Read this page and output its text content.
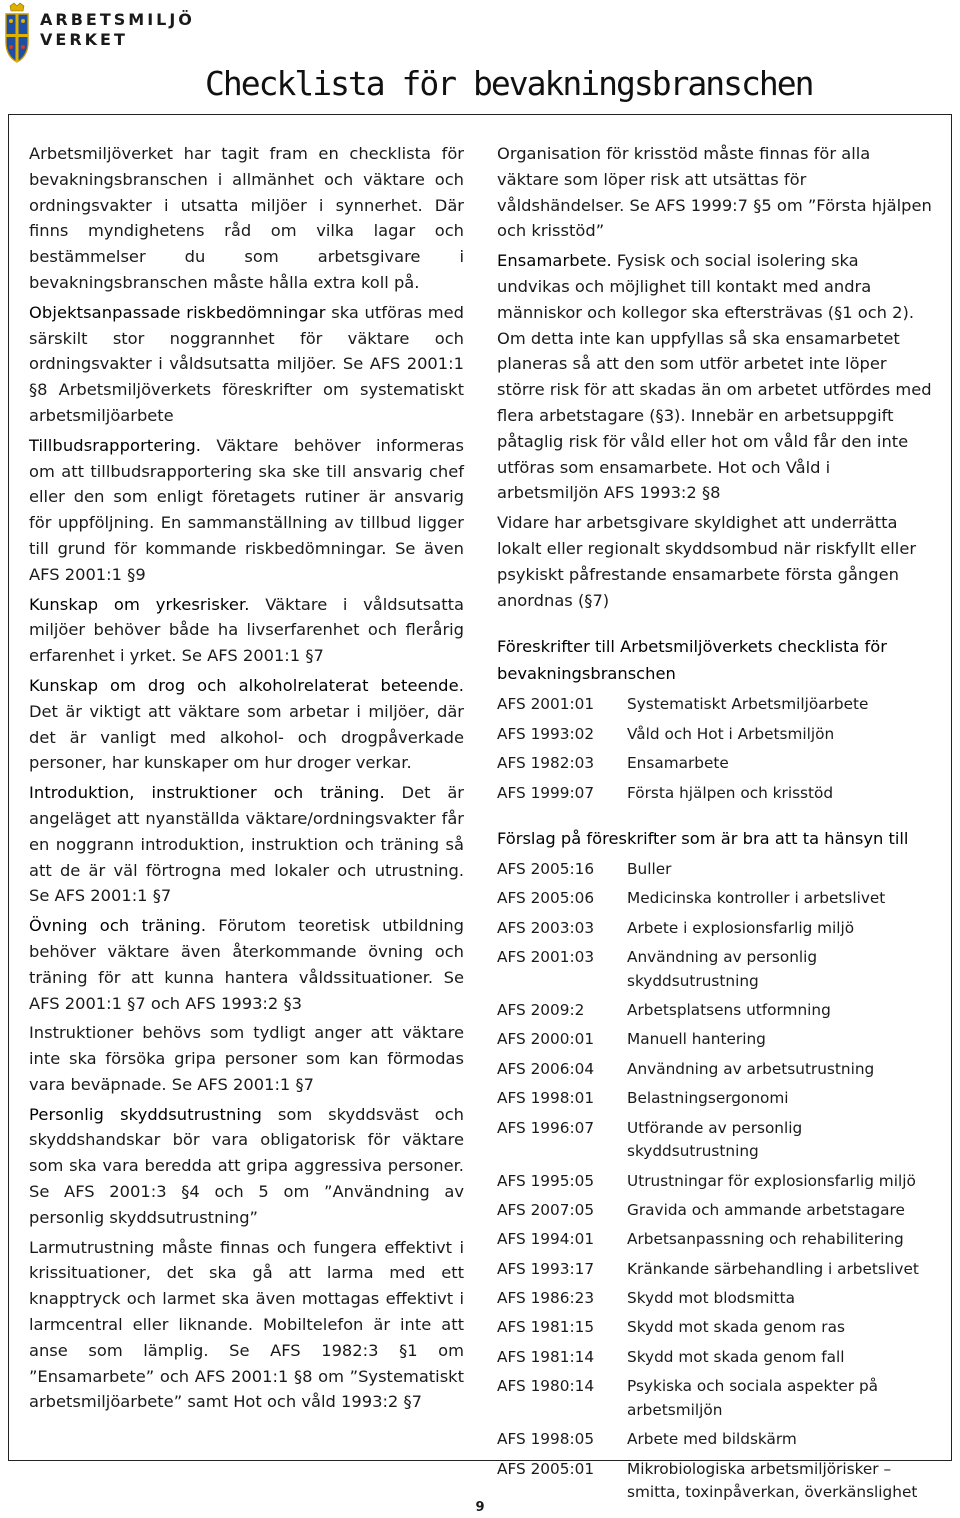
ARBETSMILJÖ
VERKET
Checklista för bevakningsbranschen

Arbetsmiljöverket har tagit fram en checklista för bevakningsbranschen i allmänhet och väktare och ordningsvakter i utsatta miljöer i synnerhet. Där finns myndighetens råd om vilka lagar och bestämmelser du som arbetsgivare i bevakningsbranschen måste hålla extra koll på.

Objektsanpassade riskbedömningar ska utföras med särskilt stor noggrannhet för väktare och ordningsvakter i våldsutsatta miljöer. Se AFS 2001:1 §8 Arbetsmiljöverkets föreskrifter om systematiskt arbetsmiljöarbete

Tillbudsrapportering. Väktare behöver informeras om att tillbudsrapportering ska ske till ansvarig chef eller den som enligt företagets rutiner är ansvarig för uppföljning. En sammanställning av tillbud ligger till grund för kommande riskbedömningar. Se även AFS 2001:1 §9

Kunskap om yrkesrisker. Väktare i våldsutsatta miljöer behöver både ha livserfarenhet och flerårig erfarenhet i yrket. Se AFS 2001:1 §7

Kunskap om drog och alkoholrelaterat beteende. Det är viktigt att väktare som arbetar i miljöer, där det är vanligt med alkohol- och drogpåverkade personer, har kunskaper om hur droger verkar.

Introduktion, instruktioner och träning. Det är angeläget att nyanställda väktare/ordningsvakter får en noggrann introduktion, instruktion och träning så att de är väl förtrogna med lokaler och utrustning. Se AFS 2001:1 §7

Övning och träning. Förutom teoretisk utbildning behöver väktare även återkommande övning och träning för att kunna hantera våldssituationer. Se AFS 2001:1 §7 och AFS 1993:2 §3

Instruktioner behövs som tydligt anger att väktare inte ska försöka gripa personer som kan förmodas vara beväpnade. Se AFS 2001:1 §7

Personlig skyddsutrustning som skyddsväst och skyddshandskar bör vara obligatorisk för väktare som ska vara beredda att gripa aggressiva personer. Se AFS 2001:3 §4 och 5 om ”Användning av personlig skyddsutrustning”

Larmutrustning måste finnas och fungera effektivt i krissituationer, det ska gå att larma med ett knapptryck och larmet ska även mottagas effektivt i larmcentral eller liknande. Mobiltelefon är inte att anse som lämplig. Se AFS 1982:3 §1 om ”Ensamarbete” och AFS 2001:1 §8 om ”Systematiskt arbetsmiljöarbete” samt Hot och våld 1993:2 §7

Organisation för krisstöd måste finnas för alla väktare som löper risk att utsättas för våldshändelser. Se AFS 1999:7 §5 om ”Första hjälpen och krisstöd”

Ensamarbete. Fysisk och social isolering ska undvikas och möjlighet till kontakt med andra människor och kollegor ska eftersträvas (§1 och 2). Om detta inte kan uppfyllas så ska ensamarbetet planeras så att den som utför arbetet inte löper större risk för att skadas än om arbetet utfördes med flera arbetstagare (§3). Innebär en arbetsuppgift påtaglig risk för våld eller hot om våld får den inte utföras som ensamarbete. Hot och Våld i arbetsmiljön AFS 1993:2 §8

Vidare har arbetsgivare skyldighet att underrätta lokalt eller regionalt skyddsombud när riskfyllt eller psykiskt påfrestande ensamarbete första gången anordnas (§7)

Föreskrifter till Arbetsmiljöverkets checklista för bevakningsbranschen
AFS 2001:01	Systematiskt Arbetsmiljöarbete
AFS 1993:02	Våld och Hot i Arbetsmiljön
AFS 1982:03	Ensamarbete
AFS 1999:07	Första hjälpen och krisstöd
Förslag på föreskrifter som är bra att ta hänsyn till
AFS 2005:16	Buller
AFS 2005:06	Medicinska kontroller i arbetslivet
AFS 2003:03	Arbete i explosionsfarlig miljö
AFS 2001:03	Användning av personlig skyddsutrustning
AFS 2009:2	Arbetsplatsens utformning
AFS 2000:01	Manuell hantering
AFS 2006:04	Användning av arbetsutrustning
AFS 1998:01	Belastningsergonomi
AFS 1996:07	Utförande av personlig skyddsutrustning
AFS 1995:05	Utrustningar för explosionsfarlig miljö
AFS 2007:05	Gravida och ammande arbetstagare
AFS 1994:01	Arbetsanpassning och rehabilitering
AFS 1993:17	Kränkande särbehandling i arbetslivet
AFS 1986:23	Skydd mot blodsmitta
AFS 1981:15	Skydd mot skada genom ras
AFS 1981:14	Skydd mot skada genom fall
AFS 1980:14	Psykiska och sociala aspekter på arbetsmiljön
AFS 1998:05	Arbete med bildskärm
AFS 2005:01	Mikrobiologiska arbetsmiljörisker – smitta, toxinpåverkan, överkänslighet
9
